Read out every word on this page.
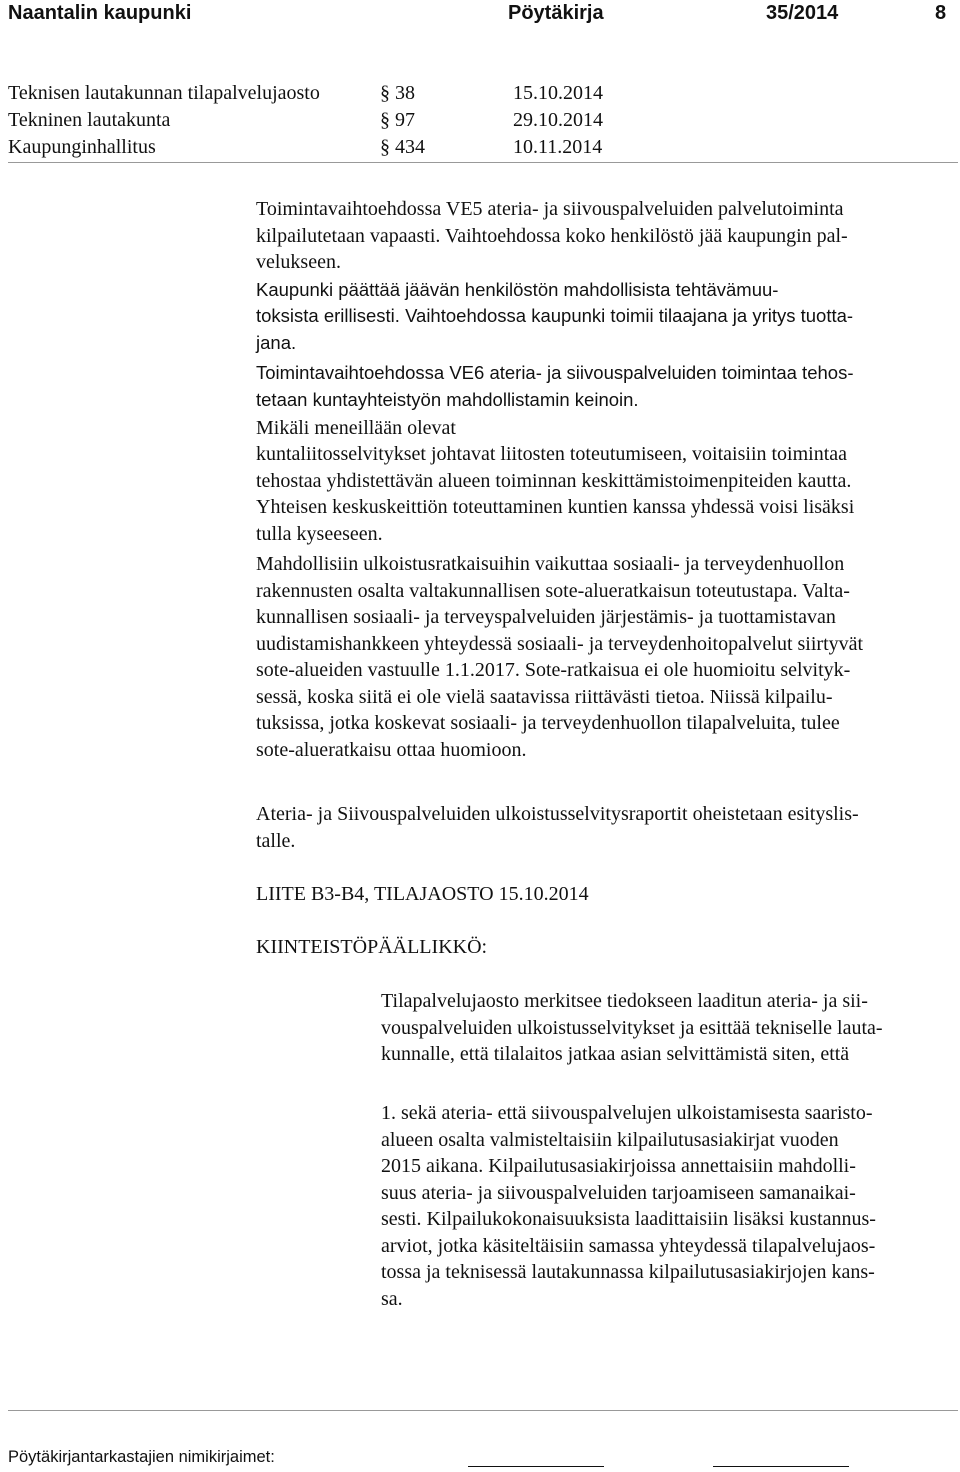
Naantalin kaupunki	Pöytäkirja	35/2014	8
Teknisen lautakunnan tilapalvelujaosto	§ 38	15.10.2014
Tekninen lautakunta	§ 97	29.10.2014
Kaupunginhallitus	§ 434	10.11.2014
Toimintavaihtoehdossa VE5 ateria- ja siivouspalveluiden palvelutoiminta
kilpailutetaan vapaasti. Vaihtoehdossa koko henkilöstö jää kaupungin pal-
velukseen.

Kaupunki päättää jäävän henkilöstön mahdollisista tehtävämuu-
toksista erillisesti. Vaihtoehdossa kaupunki toimii tilaajana ja yritys tuotta-
jana.

Toimintavaihtoehdossa VE6 ateria- ja siivouspalveluiden toimintaa tehos-
tetaan kuntayhteistyön mahdollistamin keinoin.

Mikäli meneillään olevat
kuntaliitosselvitykset johtavat liitosten toteutumiseen, voitaisiin toimintaa
tehostaa yhdistettävän alueen toiminnan keskittämistoimenpiteiden kautta.
Yhteisen keskuskeittiön toteuttaminen kuntien kanssa yhdessä voisi lisäksi
tulla kyseeseen.

Mahdollisiin ulkoistusratkaisuihin vaikuttaa sosiaali- ja terveydenhuollon
rakennusten osalta valtakunnallisen sote-alueratkaisun toteutustapa. Valta-
kunnallisen sosiaali- ja terveyspalveluiden järjestämis- ja tuottamistavan
uudistamishankkeen yhteydessä sosiaali- ja terveydenhoitopalvelut siirtyvät
sote-alueiden vastuulle 1.1.2017. Sote-ratkaisua ei ole huomioitu selvityk-
sessä, koska siitä ei ole vielä saatavissa riittävästi tietoa. Niissä kilpailu-
tuksissa, jotka koskevat sosiaali- ja terveydenhuollon tilapalveluita, tulee
sote-alueratkaisu ottaa huomioon.
Ateria- ja Siivouspalveluiden ulkoistusselvitysraportit oheistetaan esityslis-
talle.
LIITE B3-B4, TILAJAOSTO 15.10.2014
KIINTEISTÖPÄÄLLIKKÖ:
Tilapalvelujaosto merkitsee tiedokseen laaditun ateria- ja sii-
vouspalveluiden ulkoistusselvitykset ja esittää tekniselle lauta-
kunnalle, että tilalaitos jatkaa asian selvittämistä siten, että
1. sekä ateria- että siivouspalvelujen ulkoistamisesta saaristo-
alueen osalta valmisteltaisiin kilpailutusasiakirjat vuoden
2015 aikana. Kilpailutusasiakirjoissa annettaisiin mahdolli-
suus ateria- ja siivouspalveluiden tarjoamiseen samanaikai-
sesti. Kilpailukokonaisuuksista laadittaisiin lisäksi kustannus-
arviot, jotka käsiteltäisiin samassa yhteydessä tilapalvelujaos-
tossa ja teknisessä lautakunnassa kilpailutusasiakirjojen kans-
sa.
Pöytäkirjantarkastajien nimikirjaimet:
